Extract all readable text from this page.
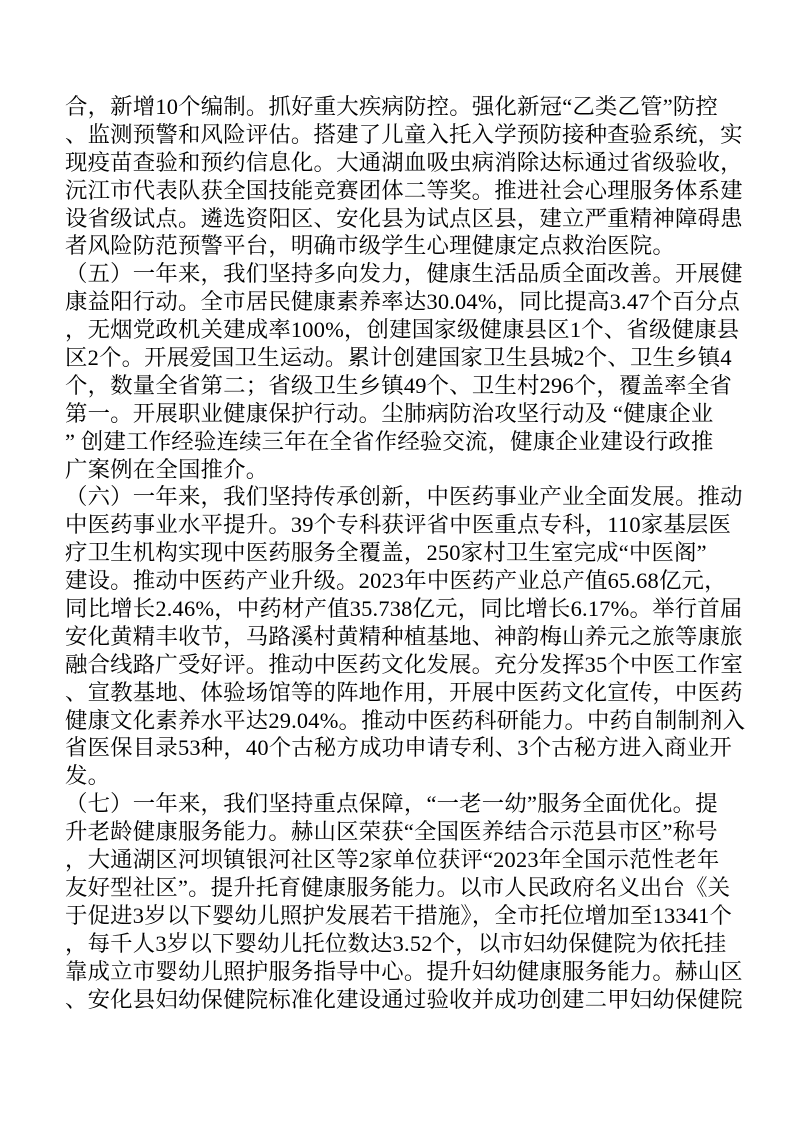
合，新增10个编制。抓好重大疾病防控。强化新冠“乙类乙管”防控
、监测预警和风险评估。搭建了儿童入托入学预防接种查验系统，实
现疫苗查验和预约信息化。大通湖血吸虫病消除达标通过省级验收，
沅江市代表队获全国技能竞赛团体二等奖。推进社会心理服务体系建
设省级试点。遴选资阳区、安化县为试点区县，建立严重精神障碍患
者风险防范预警平台，明确市级学生心理健康定点救治医院。
（五）一年来，我们坚持多向发力，健康生活品质全面改善。开展健
康益阳行动。全市居民健康素养率达30.04%，同比提高3.47个百分点
，无烟党政机关建成率100%，创建国家级健康县区1个、省级健康县
区2个。开展爱国卫生运动。累计创建国家卫生县城2个、卫生乡镇4
个，数量全省第二；省级卫生乡镇49个、卫生村296个，覆盖率全省
第一。开展职业健康保护行动。尘肺病防治攻坚行动及 “健康企业
” 创建工作经验连续三年在全省作经验交流，健康企业建设行政推
广案例在全国推介。
（六）一年来，我们坚持传承创新，中医药事业产业全面发展。推动
中医药事业水平提升。39个专科获评省中医重点专科，110家基层医
疗卫生机构实现中医药服务全覆盖，250家村卫生室完成“中医阁”
建设。推动中医药产业升级。2023年中医药产业总产值65.68亿元，
同比增长2.46%，中药材产值35.738亿元，同比增长6.17%。举行首届
安化黄精丰收节，马路溪村黄精种植基地、神韵梅山养元之旅等康旅
融合线路广受好评。推动中医药文化发展。充分发挥35个中医工作室
、宣教基地、体验场馆等的阵地作用，开展中医药文化宣传，中医药
健康文化素养水平达29.04%。推动中医药科研能力。中药自制制剂入
省医保目录53种，40个古秘方成功申请专利、3个古秘方进入商业开
发。
（七）一年来，我们坚持重点保障，“一老一幼”服务全面优化。提
升老龄健康服务能力。赫山区荣获“全国医养结合示范县市区”称号
，大通湖区河坝镇银河社区等2家单位获评“2023年全国示范性老年
友好型社区”。提升托育健康服务能力。以市人民政府名义出台《关
于促进3岁以下婴幼儿照护发展若干措施》，全市托位增加至13341个
，每千人3岁以下婴幼儿托位数达3.52个，以市妇幼保健院为依托挂
靠成立市婴幼儿照护服务指导中心。提升妇幼健康服务能力。赫山区
、安化县妇幼保健院标准化建设通过验收并成功创建二甲妇幼保健院
